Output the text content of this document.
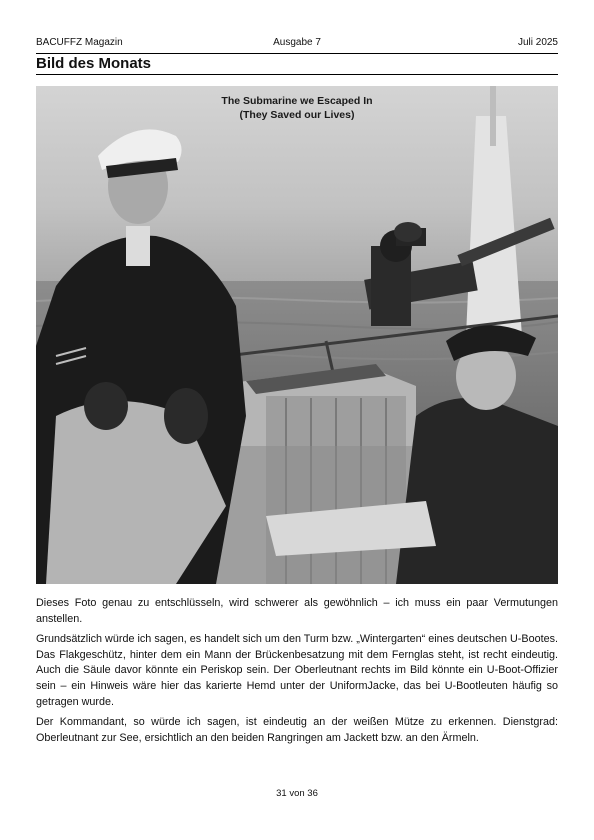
BACUFFZ Magazin	Ausgabe 7	Juli 2025
Bild des Monats
The Submarine we Escaped In
(They Saved our Lives)

Dieses Foto genau zu entschlüsseln, wird schwerer als gewöhnlich – ich muss ein paar Vermutungen anstellen.

Grundsätzlich würde ich sagen, es handelt sich um den Turm bzw. „Wintergarten“ eines deutschen U-Bootes. Das Flakgeschütz, hinter dem ein Mann der Brückenbesatzung mit dem Fernglas steht, ist recht eindeutig. Auch die Säule davor könnte ein Periskop sein. Der Oberleutnant rechts im Bild könnte ein U-Boot-Offizier sein – ein Hinweis wäre hier das karierte Hemd unter der UniformJacke, das bei U-Bootleuten häufig so getragen wurde.

Der Kommandant, so würde ich sagen, ist eindeutig an der weißen Mütze zu erkennen. Dienstgrad: Oberleutnant zur See, ersichtlich an den beiden Rangringen am Jackett bzw. an den Ärmeln.

31 von 36
